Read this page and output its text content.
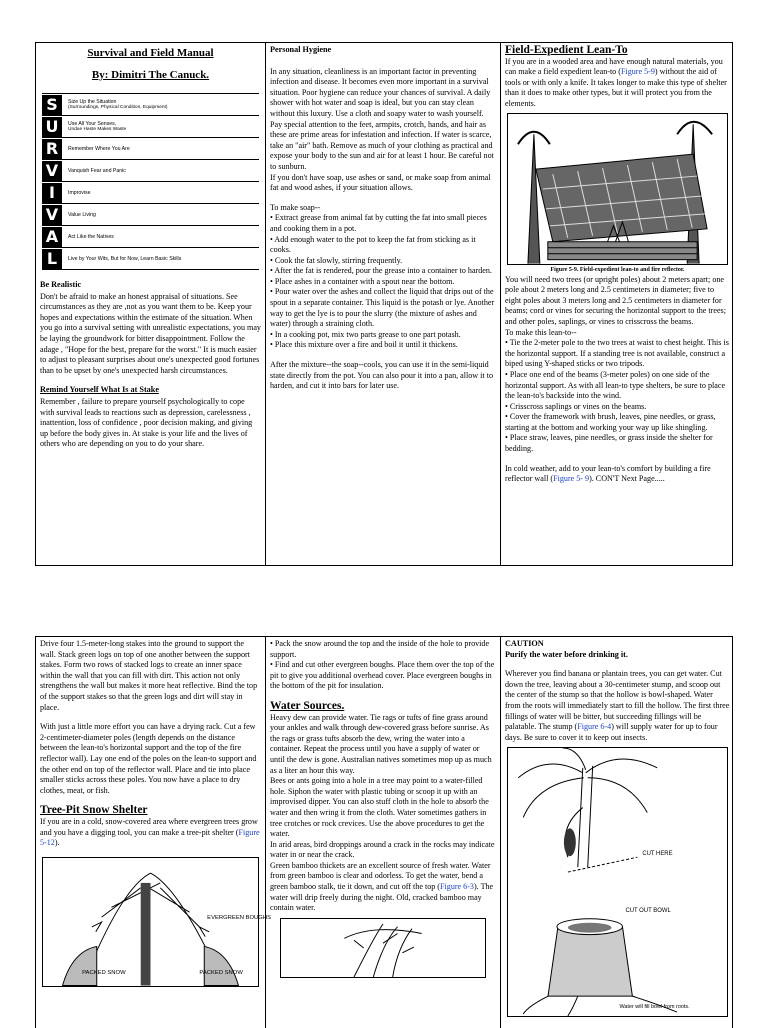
Survival and Field Manual
By: Dimitri The Canuck.
S	Size Up the Situation
(Surroundings, Physical Condition, Equipment)
U	Use All Your Senses,
Undue Haste Makes Waste
R	Remember Where You Are
V	Vanquish Fear and Panic
I	Improvise
V	Value Living
A	Act Like the Natives
L	Live by Your Wits, But for Now, Learn Basic Skills

Be Realistic

Don't be afraid to make an honest appraisal of situations. See circumstances as they are ,not as you want them to be. Keep your hopes and expectations within the estimate of the situation. When you go into a survival setting with unrealistic expectations, you may be laying the groundwork for bitter disappointment. Follow the adage , "Hope for the best, prepare for the worst." It is much easier to adjust to pleasant surprises about one's unexpected good fortunes than to be upset by one's unexpected harsh circumstances.

Remind Yourself What Is at Stake

Remember , failure to prepare yourself psychologically to cope with survival leads to reactions such as depression, carelessness , inattention, loss of confidence , poor decision making, and giving up before the body gives in. At stake is your life and the lives of others who are depending on you to do your share.

Personal Hygiene

In any situation, cleanliness is an important factor in preventing infection and disease. It becomes even more important in a survival situation. Poor hygiene can reduce your chances of survival. A daily shower with hot water and soap is ideal, but you can stay clean without this luxury. Use a cloth and soapy water to wash yourself. Pay special attention to the feet, armpits, crotch, hands, and hair as these are prime areas for infestation and infection. If water is scarce, take an "air" bath. Remove as much of your clothing as practical and expose your body to the sun and air for at least 1 hour. Be careful not to sunburn.

If you don't have soap, use ashes or sand, or make soap from animal fat and wood ashes, if your situation allows.

To make soap--

• Extract grease from animal fat by cutting the fat into small pieces and cooking them in a pot.

• Add enough water to the pot to keep the fat from sticking as it cooks.

• Cook the fat slowly, stirring frequently.

• After the fat is rendered, pour the grease into a container to harden.

• Place ashes in a container with a spout near the bottom.

• Pour water over the ashes and collect the liquid that drips out of the spout in a separate container. This liquid is the potash or lye. Another way to get the lye is to pour the slurry (the mixture of ashes and water) through a straining cloth.

• In a cooking pot, mix two parts grease to one part potash.

• Place this mixture over a fire and boil it until it thickens.

After the mixture--the soap--cools, you can use it in the semi-liquid state directly from the pot. You can also pour it into a pan, allow it to harden, and cut it into bars for later use.

Field-Expedient Lean-To

If you are in a wooded area and have enough natural materials, you can make a field expedient lean-to (Figure 5-9) without the aid of tools or with only a knife. It takes longer to make this type of shelter than it does to make other types, but it will protect you from the elements.

Figure 5-9. Field-expedient lean-to and fire reflector.

You will need two trees (or upright poles) about 2 meters apart; one pole about 2 meters long and 2.5 centimeters in diameter; five to eight poles about 3 meters long and 2.5 centimeters in diameter for beams; cord or vines for securing the horizontal support to the trees; and other poles, saplings, or vines to crisscross the beams.

To make this lean-to--

• Tie the 2-meter pole to the two trees at waist to chest height. This is the horizontal support. If a standing tree is not available, construct a biped using Y-shaped sticks or two tripods.

• Place one end of the beams (3-meter poles) on one side of the horizontal support. As with all lean-to type shelters, be sure to place the lean-to's backside into the wind.

• Crisscross saplings or vines on the beams.

• Cover the framework with brush, leaves, pine needles, or grass, starting at the bottom and working your way up like shingling.

• Place straw, leaves, pine needles, or grass inside the shelter for bedding.

In cold weather, add to your lean-to's comfort by building a fire reflector wall (Figure 5- 9). CON'T Next Page.....

Drive four 1.5-meter-long stakes into the ground to support the wall. Stack green logs on top of one another between the support stakes. Form two rows of stacked logs to create an inner space within the wall that you can fill with dirt. This action not only strengthens the wall but makes it more heat reflective. Bind the top of the support stakes so that the green logs and dirt will stay in place.

With just a little more effort you can have a drying rack. Cut a few 2-centimeter-diameter poles (length depends on the distance between the lean-to's horizontal support and the top of the fire reflector wall). Lay one end of the poles on the lean-to support and the other end on top of the reflector wall. Place and tie into place smaller sticks across these poles. You now have a place to dry clothes, meat, or fish.

Tree-Pit Snow Shelter

If you are in a cold, snow-covered area where evergreen trees grow and you have a digging tool, you can make a tree-pit shelter (Figure 5-12).

EVERGREEN BOUGHS
PACKED SNOW	PACKED SNOW

• Pack the snow around the top and the inside of the hole to provide support.

• Find and cut other evergreen boughs. Place them over the top of the pit to give you additional overhead cover. Place evergreen boughs in the bottom of the pit for insulation.

Water Sources.

Heavy dew can provide water. Tie rags or tufts of fine grass around your ankles and walk through dew-covered grass before sunrise. As the rags or grass tufts absorb the dew, wring the water into a container. Repeat the process until you have a supply of water or until the dew is gone. Australian natives sometimes mop up as much as a liter an hour this way.

Bees or ants going into a hole in a tree may point to a water-filled hole. Siphon the water with plastic tubing or scoop it up with an improvised dipper. You can also stuff cloth in the hole to absorb the water and then wring it from the cloth. Water sometimes gathers in tree crotches or rock crevices. Use the above procedures to get the water.

In arid areas, bird droppings around a crack in the rocks may indicate water in or near the crack.

Green bamboo thickets are an excellent source of fresh water. Water from green bamboo is clear and odorless. To get the water, bend a green bamboo stalk, tie it down, and cut off the top (Figure 6-3). The water will drip freely during the night. Old, cracked bamboo may contain water.

CAUTION

Purify the water before drinking it.

Wherever you find banana or plantain trees, you can get water. Cut down the tree, leaving about a 30-centimeter stump, and scoop out the center of the stump so that the hollow is bowl-shaped. Water from the roots will immediately start to fill the hollow. The first three fillings of water will be bitter, but succeeding fillings will be palatable. The stump (Figure 6-4) will supply water for up to four days. Be sure to cover it to keep out insects.

CUT HERE
CUT OUT BOWL
Water will fill bowl from roots.
